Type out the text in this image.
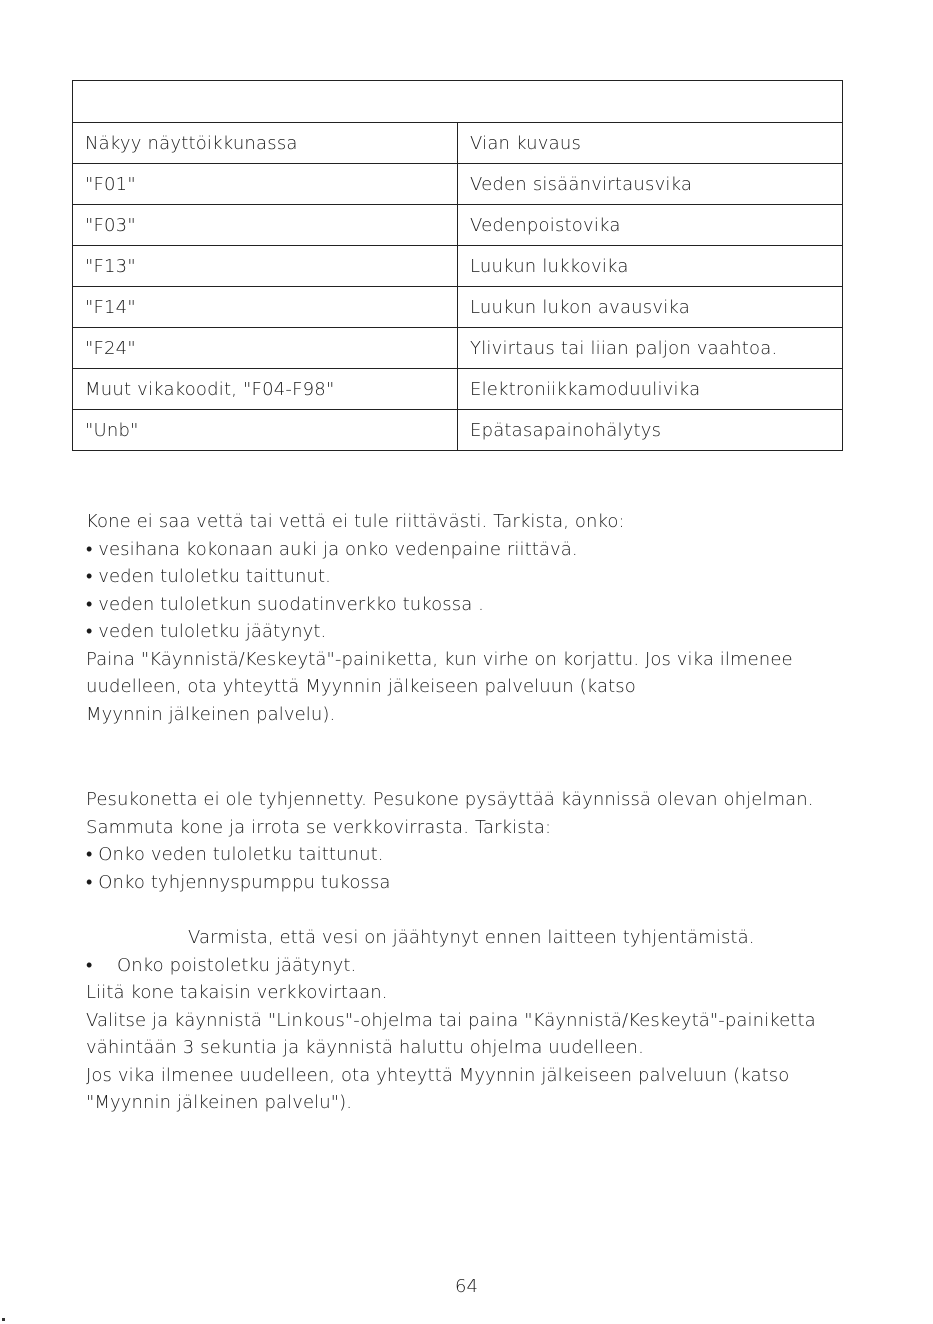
Näkyy näyttöikkunassa	Vian kuvaus
"F01"	Veden sisäänvirtausvika
"F03"	Vedenpoistovika
"F13"	Luukun lukkovika
"F14"	Luukun lukon avausvika
"F24"	Ylivirtaus tai liian paljon vaahtoa.
Muut vikakoodit, "F04-F98"	Elektroniikkamoduulivika
"Unb"	Epätasapainohälytys
Kone ei saa vettä tai vettä ei tule riittävästi. Tarkista, onko:
• vesihana kokonaan auki ja onko vedenpaine riittävä.
• veden tuloletku taittunut.
• veden tuloletkun suodatinverkko tukossa .
• veden tuloletku jäätynyt.
Paina "Käynnistä/Keskeytä"-painiketta, kun virhe on korjattu. Jos vika ilmenee
uudelleen, ota yhteyttä Myynnin jälkeiseen palveluun (katso
Myynnin jälkeinen palvelu).
Pesukonetta ei ole tyhjennetty. Pesukone pysäyttää käynnissä olevan ohjelman.
Sammuta kone ja irrota se verkkovirrasta. Tarkista:
• Onko veden tuloletku taittunut.
• Onko tyhjennyspumppu tukossa
Varmista, että vesi on jäähtynyt ennen laitteen tyhjentämistä.
• Onko poistoletku jäätynyt.
Liitä kone takaisin verkkovirtaan.
Valitse ja käynnistä "Linkous"-ohjelma tai paina "Käynnistä/Keskeytä"-painiketta
vähintään 3 sekuntia ja käynnistä haluttu ohjelma uudelleen.
Jos vika ilmenee uudelleen, ota yhteyttä Myynnin jälkeiseen palveluun (katso
"Myynnin jälkeinen palvelu").
64
